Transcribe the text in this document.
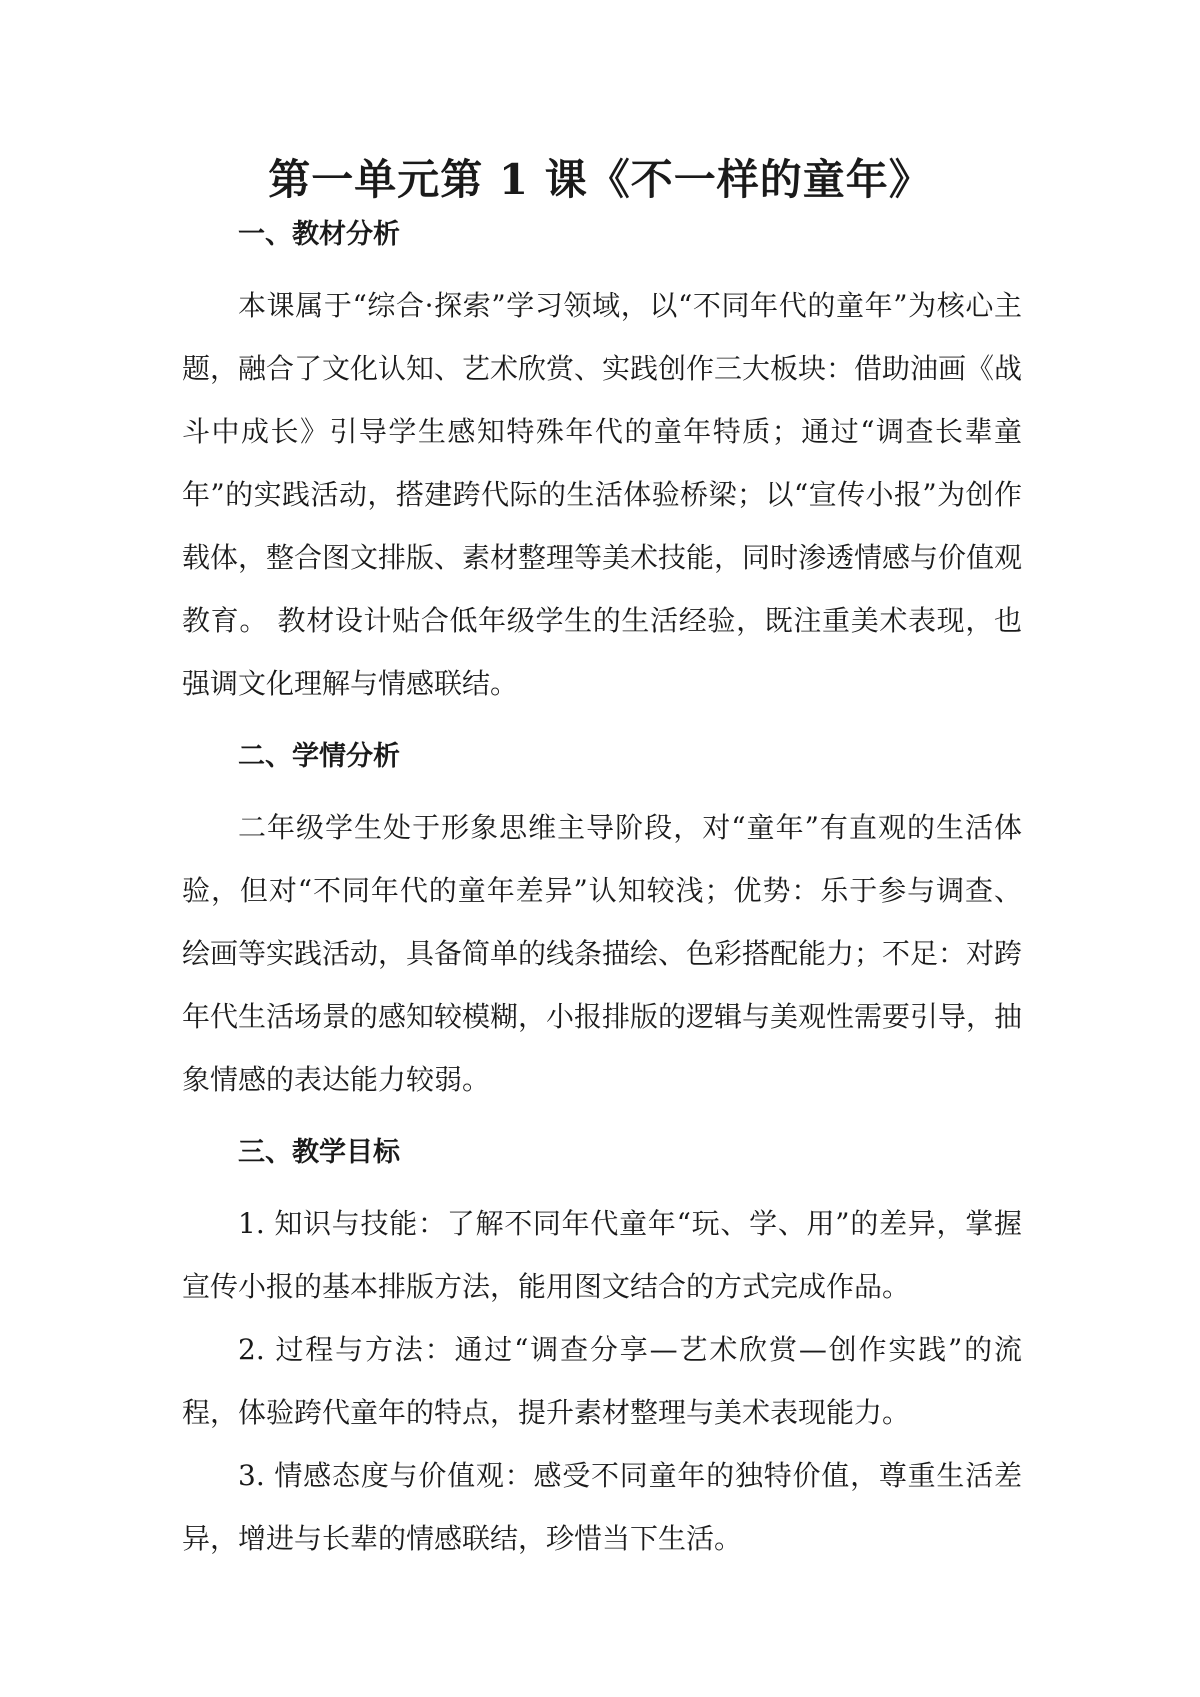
第一单元第 1 课《不一样的童年》
一、教材分析

本课属于“综合·探索”学习领域，以“不同年代的童年”为核心主题，融合了文化认知、艺术欣赏、实践创作三大板块：借助油画《战斗中成长》引导学生感知特殊年代的童年特质；通过“调查长辈童年”的实践活动，搭建跨代际的生活体验桥梁；以“宣传小报”为创作载体，整合图文排版、素材整理等美术技能，同时渗透情感与价值观教育。 教材设计贴合低年级学生的生活经验，既注重美术表现，也强调文化理解与情感联结。

二、学情分析

二年级学生处于形象思维主导阶段，对“童年”有直观的生活体验，但对“不同年代的童年差异”认知较浅；优势：乐于参与调查、绘画等实践活动，具备简单的线条描绘、色彩搭配能力；不足：对跨年代生活场景的感知较模糊，小报排版的逻辑与美观性需要引导，抽象情感的表达能力较弱。

三、教学目标

1. 知识与技能：了解不同年代童年“玩、学、用”的差异，掌握宣传小报的基本排版方法，能用图文结合的方式完成作品。

2. 过程与方法：通过“调查分享—艺术欣赏—创作实践”的流程，体验跨代童年的特点，提升素材整理与美术表现能力。

3. 情感态度与价值观：感受不同童年的独特价值，尊重生活差异，增进与长辈的情感联结，珍惜当下生活。
